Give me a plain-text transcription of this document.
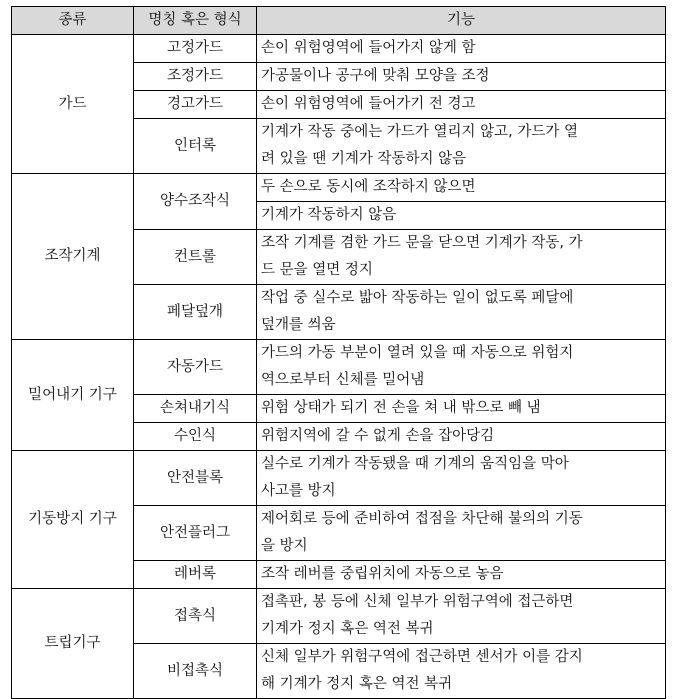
종류	명칭 혹은 형식	기능
가드	고정가드	손이 위험영역에 들어가지 않게 함
	조정가드	가공물이나 공구에 맞춰 모양을 조정
	경고가드	손이 위험영역에 들어가기 전 경고
	인터록	기계가 작동 중에는 가드가 열리지 않고, 가드가 열
		려 있을 땐 기계가 작동하지 않음
조작기계	양수조작식	두 손으로 동시에 조작하지 않으면
		기계가 작동하지 않음
	컨트롤	조작 기계를 겸한 가드 문을 닫으면 기계가 작동, 가
		드 문을 열면 정지
	페달덮개	작업 중 실수로 밟아 작동하는 일이 없도록 페달에
		덮개를 씌움
밀어내기 기구	자동가드	가드의 가동 부분이 열려 있을 때 자동으로 위험지
		역으로부터 신체를 밀어냄
	손쳐내기식	위험 상태가 되기 전 손을 쳐 내 밖으로 빼 냄
	수인식	위험지역에 갈 수 없게 손을 잡아당김
기동방지 기구	안전블록	실수로 기계가 작동됐을 때 기계의 움직임을 막아
		사고를 방지
	안전플러그	제어회로 등에 준비하여 접점을 차단해 불의의 기동
		을 방지
	레버록	조작 레버를 중립위치에 자동으로 놓음
트립기구	접촉식	접촉판, 봉 등에 신체 일부가 위험구역에 접근하면
		기계가 정지 혹은 역전 복귀
	비접촉식	신체 일부가 위험구역에 접근하면 센서가 이를 감지
		해 기계가 정지 혹은 역전 복귀
